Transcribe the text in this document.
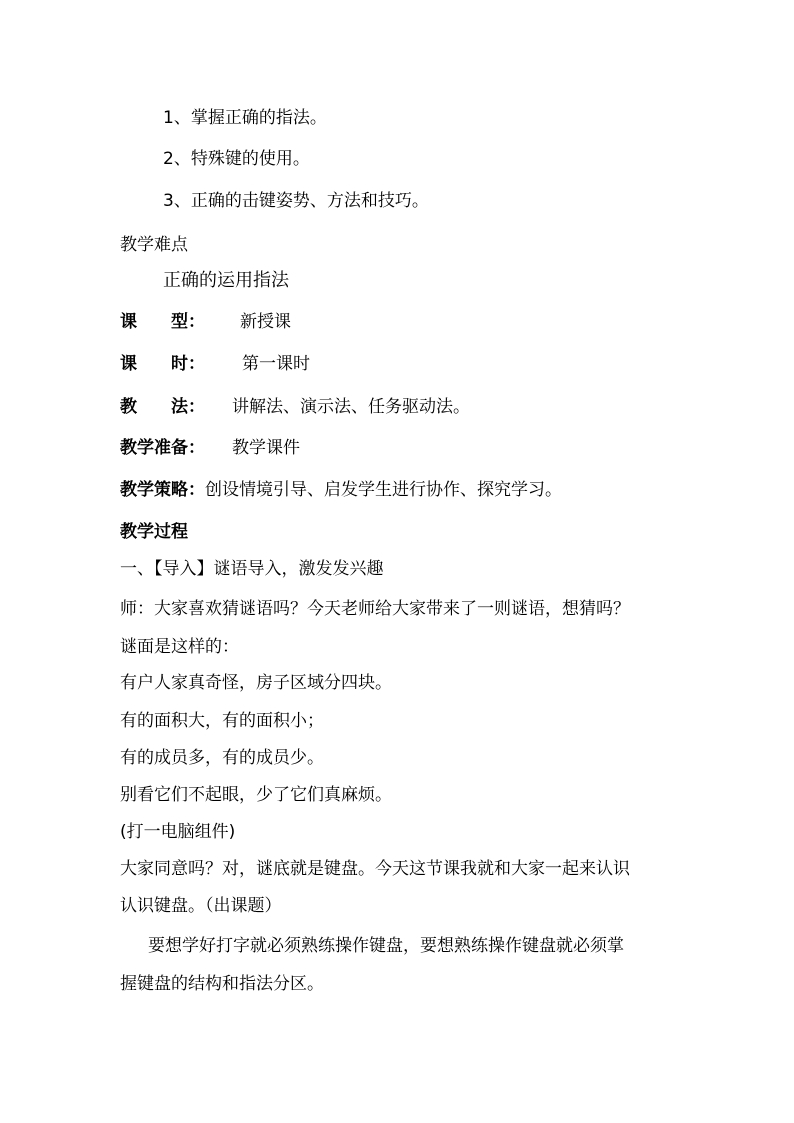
1、掌握正确的指法。
2、特殊键的使用。
3、正确的击键姿势、方法和技巧。
教学难点
正确的运用指法
课　　型： 新授课
课　　时： 第一课时
教　　法： 讲解法、演示法、任务驱动法。
教学准备： 教学课件
教学策略：创设情境引导、启发学生进行协作、探究学习。
教学过程
一、【导入】谜语导入，激发发兴趣
师：大家喜欢猜谜语吗？今天老师给大家带来了一则谜语，想猜吗？
谜面是这样的：
有户人家真奇怪，房子区域分四块。
有的面积大，有的面积小；
有的成员多，有的成员少。
别看它们不起眼，少了它们真麻烦。
(打一电脑组件)
大家同意吗？对，谜底就是键盘。今天这节课我就和大家一起来认识
认识键盘。（出课题）
要想学好打字就必须熟练操作键盘，要想熟练操作键盘就必须掌
握键盘的结构和指法分区。
